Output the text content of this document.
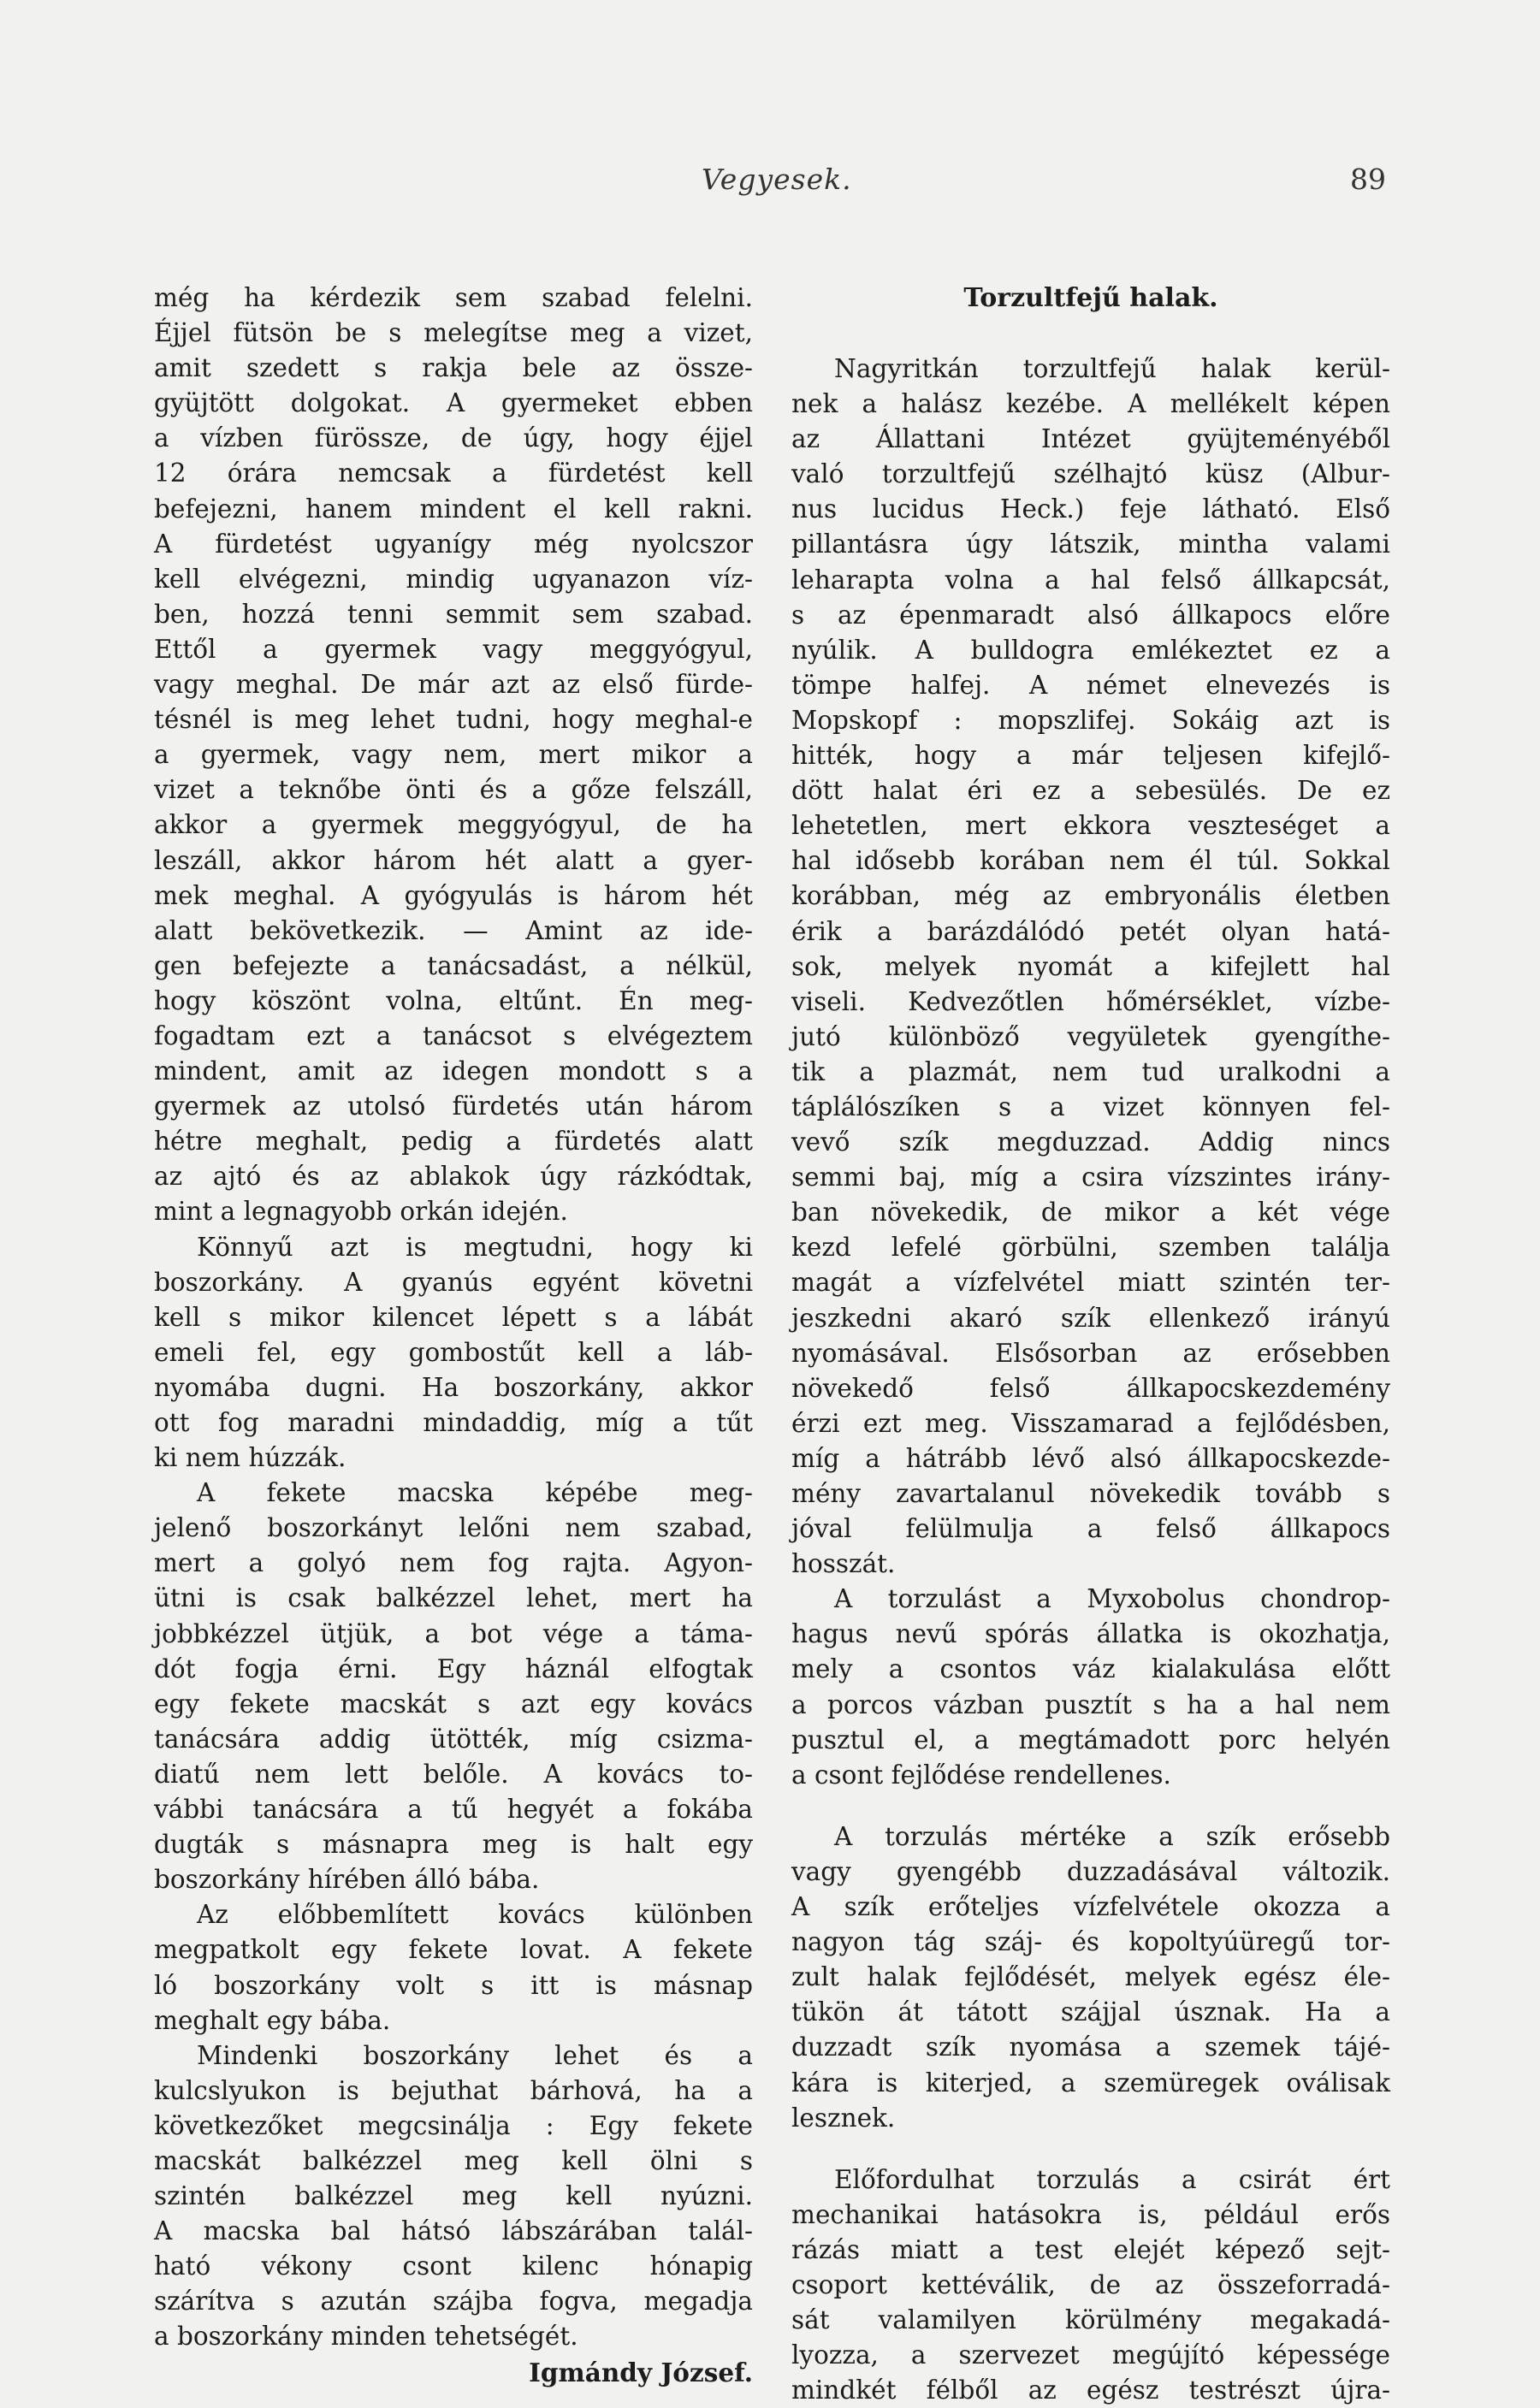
Vegyesek.	89
még ha kérdezik sem szabad felelni.
Éjjel fütsön be s melegítse meg a vizet,
amit szedett s rakja bele az össze-
gyüjtött dolgokat. A gyermeket ebben
a vízben fürössze, de úgy, hogy éjjel
12 órára nemcsak a fürdetést kell
befejezni, hanem mindent el kell rakni.
A fürdetést ugyanígy még nyolcszor
kell elvégezni, mindig ugyanazon víz-
ben, hozzá tenni semmit sem szabad.
Ettől a gyermek vagy meggyógyul,
vagy meghal. De már azt az első fürde-
tésnél is meg lehet tudni, hogy meghal-e
a gyermek, vagy nem, mert mikor a
vizet a teknőbe önti és a gőze felszáll,
akkor a gyermek meggyógyul, de ha
leszáll, akkor három hét alatt a gyer-
mek meghal. A gyógyulás is három hét
alatt bekövetkezik. — Amint az ide-
gen befejezte a tanácsadást, a nélkül,
hogy köszönt volna, eltűnt. Én meg-
fogadtam ezt a tanácsot s elvégeztem
mindent, amit az idegen mondott s a
gyermek az utolsó fürdetés után három
hétre meghalt, pedig a fürdetés alatt
az ajtó és az ablakok úgy rázkódtak,
mint a legnagyobb orkán idején.
Könnyű azt is megtudni, hogy ki
boszorkány. A gyanús egyént követni
kell s mikor kilencet lépett s a lábát
emeli fel, egy gombostűt kell a láb-
nyomába dugni. Ha boszorkány, akkor
ott fog maradni mindaddig, míg a tűt
ki nem húzzák.
A fekete macska képébe meg-
jelenő boszorkányt lelőni nem szabad,
mert a golyó nem fog rajta. Agyon-
ütni is csak balkézzel lehet, mert ha
jobbkézzel ütjük, a bot vége a táma-
dót fogja érni. Egy háznál elfogtak
egy fekete macskát s azt egy kovács
tanácsára addig ütötték, míg csizma-
diatű nem lett belőle. A kovács to-
vábbi tanácsára a tű hegyét a fokába
dugták s másnapra meg is halt egy
boszorkány hírében álló bába.
Az előbbemlített kovács különben
megpatkolt egy fekete lovat. A fekete
ló boszorkány volt s itt is másnap
meghalt egy bába.
Mindenki boszorkány lehet és a
kulcslyukon is bejuthat bárhová, ha a
következőket megcsinálja : Egy fekete
macskát balkézzel meg kell ölni s
szintén balkézzel meg kell nyúzni.
A macska bal hátsó lábszárában talál-
ható vékony csont kilenc hónapig
szárítva s azután szájba fogva, megadja
a boszorkány minden tehetségét.
Igmándy József.
Torzultfejű halak.
Nagyritkán torzultfejű halak kerül-
nek a halász kezébe. A mellékelt képen
az Állattani Intézet gyüjteményéből
való torzultfejű szélhajtó küsz (Albur-
nus lucidus Heck.) feje látható. Első
pillantásra úgy látszik, mintha valami
leharapta volna a hal felső állkapcsát,
s az épenmaradt alsó állkapocs előre
nyúlik. A bulldogra emlékeztet ez a
tömpe halfej. A német elnevezés is
Mopskopf : mopszlifej. Sokáig azt is
hitték, hogy a már teljesen kifejlő-
dött halat éri ez a sebesülés. De ez
lehetetlen, mert ekkora veszteséget a
hal idősebb korában nem él túl. Sokkal
korábban, még az embryonális életben
érik a barázdálódó petét olyan hatá-
sok, melyek nyomát a kifejlett hal
viseli. Kedvezőtlen hőmérséklet, vízbe-
jutó különböző vegyületek gyengíthe-
tik a plazmát, nem tud uralkodni a
táplálószíken s a vizet könnyen fel-
vevő szík megduzzad. Addig nincs
semmi baj, míg a csira vízszintes irány-
ban növekedik, de mikor a két vége
kezd lefelé görbülni, szemben találja
magát a vízfelvétel miatt szintén ter-
jeszkedni akaró szík ellenkező irányú
nyomásával. Elsősorban az erősebben
növekedő felső állkapocskezdemény
érzi ezt meg. Visszamarad a fejlődésben,
míg a hátrább lévő alsó állkapocskezde-
mény zavartalanul növekedik tovább s
jóval felülmulja a felső állkapocs
hosszát.
A torzulást a Myxobolus chondrop-
hagus nevű spórás állatka is okozhatja,
mely a csontos váz kialakulása előtt
a porcos vázban pusztít s ha a hal nem
pusztul el, a megtámadott porc helyén
a csont fejlődése rendellenes.
A torzulás mértéke a szík erősebb
vagy gyengébb duzzadásával változik.
A szík erőteljes vízfelvétele okozza a
nagyon tág száj- és kopoltyúüregű tor-
zult halak fejlődését, melyek egész éle-
tükön át tátott szájjal úsznak. Ha a
duzzadt szík nyomása a szemek tájé-
kára is kiterjed, a szemüregek oválisak
lesznek.
Előfordulhat torzulás a csirát ért
mechanikai hatásokra is, például erős
rázás miatt a test elejét képező sejt-
csoport kettéválik, de az összeforradá-
sát valamilyen körülmény megakadá-
lyozza, a szervezet megújító képessége
mindkét félből az egész testrészt újra-
